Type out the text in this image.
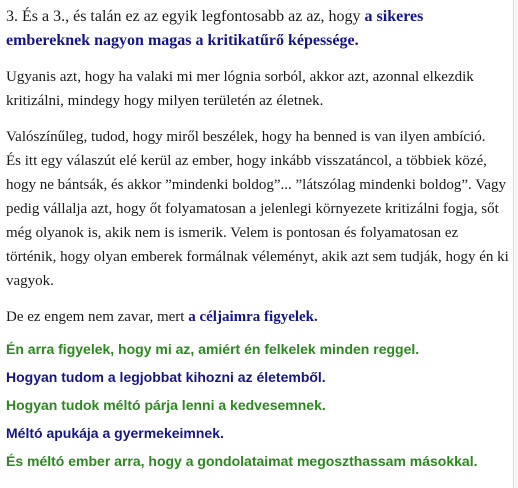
3. És a 3., és talán ez az egyik legfontosabb az az, hogy a sikeres embereknek nagyon magas a kritikatűrő képessége.

Ugyanis azt, hogy ha valaki mi mer lógnia sorból, akkor azt, azonnal elkezdik kritizálni, mindegy hogy milyen területén az életnek.

Valószínűleg, tudod, hogy miről beszélek, hogy ha benned is van ilyen ambíció.

És itt egy válaszút elé kerül az ember, hogy inkább visszatáncol, a többiek közé, hogy ne bántsák, és akkor ”mindenki boldog”... ”látszólag mindenki boldog”. Vagy pedig vállalja azt, hogy őt folyamatosan a jelenlegi környezete kritizálni fogja, sőt még olyanok is, akik nem is ismerik. Velem is pontosan és folyamatosan ez történik, hogy olyan emberek formálnak véleményt, akik azt sem tudják, hogy én ki vagyok.

De ez engem nem zavar, mert a céljaimra figyelek.

Én arra figyelek, hogy mi az, amiért én felkelek minden reggel.
Hogyan tudom a legjobbat kihozni az életemből.
Hogyan tudok méltó párja lenni a kedvesemnek.
Méltó apukája a gyermekeimnek.
És méltó ember arra, hogy a gondolataimat megoszthassam másokkal.
